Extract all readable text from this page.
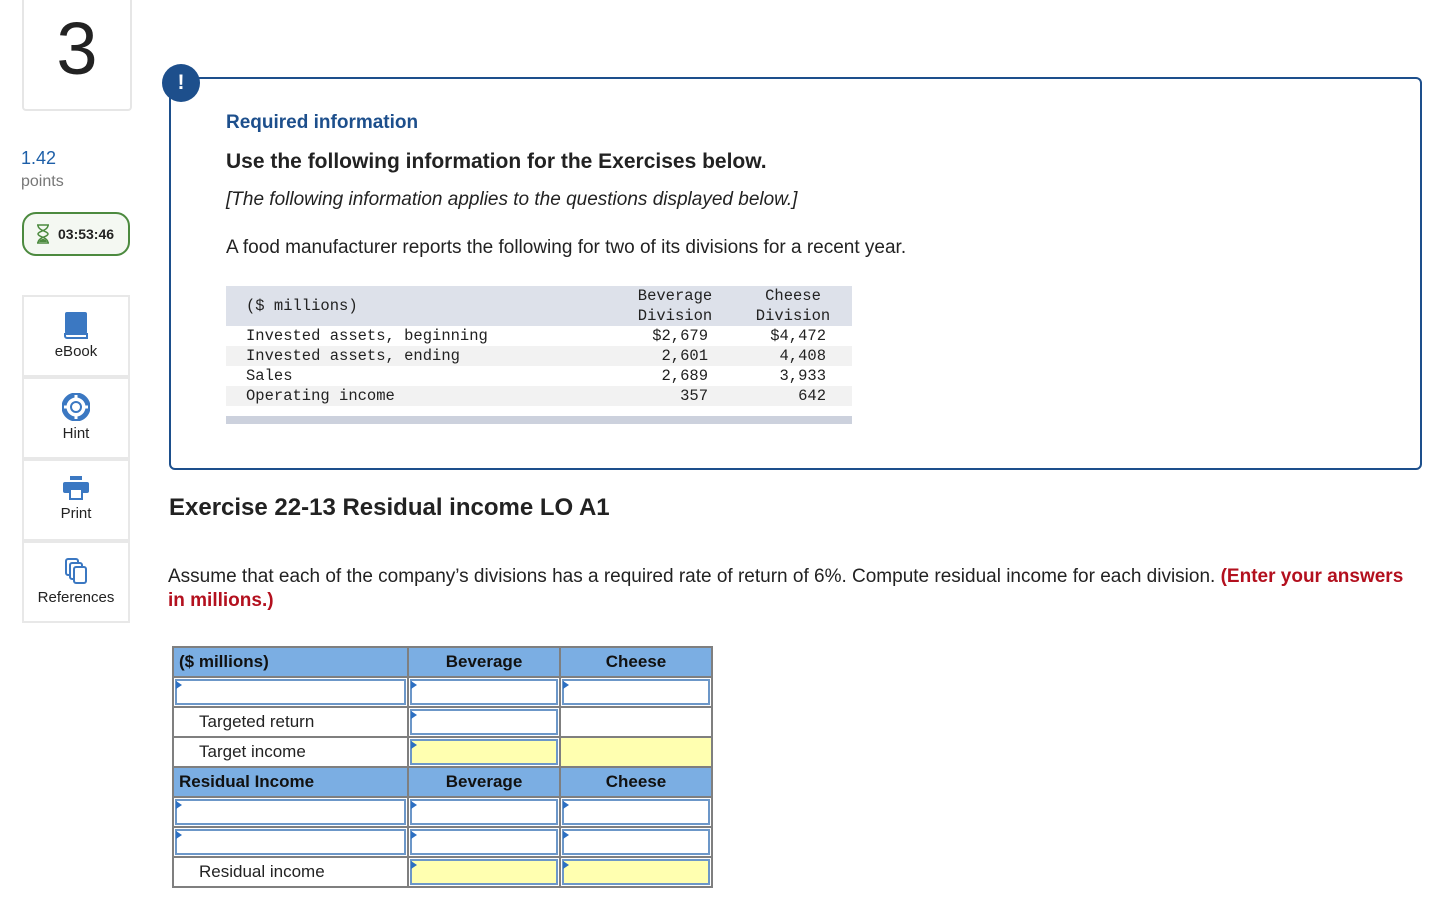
3
1.42
points
03:53:46
eBook
Hint
Print
References
!
Required information
Use the following information for the Exercises below.
[The following information applies to the questions displayed below.]
A food manufacturer reports the following for two of its divisions for a recent year.
($ millions)	Beverage	Cheese
	Division	Division
Invested assets, beginning	$2,679	$4,472
Invested assets, ending	2,601	4,408
Sales	2,689	3,933
Operating income	357	642
Exercise 22-13 Residual income LO A1
Assume that each of the company’s divisions has a required rate of return of 6%. Compute residual income for each division. (Enter your answers in millions.)
($ millions)	Beverage	Cheese

Targeted return	

Target income	

Residual Income	Beverage	Cheese

Residual income	
